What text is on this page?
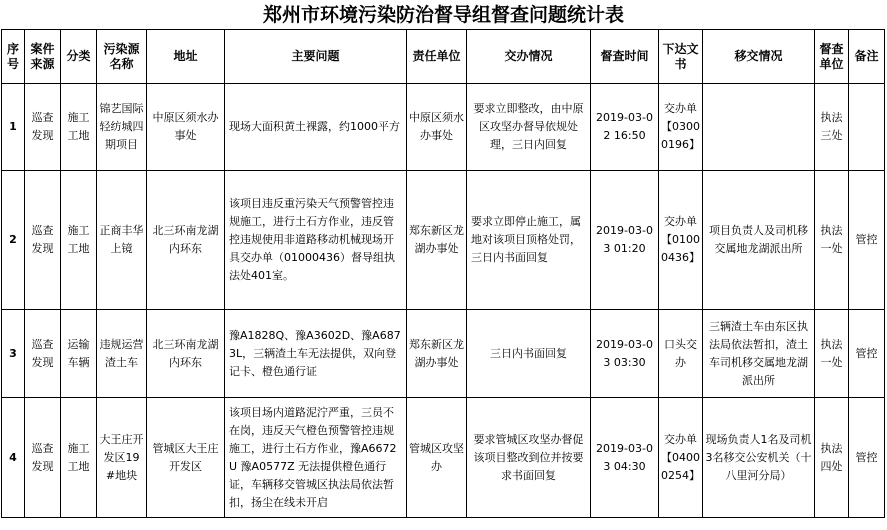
郑州市环境污染防治督导组督查问题统计表
序号	案件来源	分类	污染源名称	地址	主要问题	责任单位	交办情况	督查时间	下达文书	移交情况	督查单位	备注
1	巡查发现	施工工地	锦艺国际轻纺城四期项目	中原区须水办事处	现场大面积黄土裸露，约1000平方	中原区须水办事处	要求立即整改，由中原区攻坚办督导依规处理，三日内回复	2019-03-02 16:50	交办单【03000196】		执法三处	
2	巡查发现	施工工地	正商丰华上镜	北三环南龙湖内环东	该项目违反重污染天气预警管控违规施工，进行土石方作业，违反管控违规使用非道路移动机械现场开具交办单（01000436）督导组执法处401室。	郑东新区龙湖办事处	要求立即停止施工，属地对该项目顶格处罚，三日内书面回复	2019-03-03 01:20	交办单【01000436】	项目负责人及司机移交属地龙湖派出所	执法一处	管控
3	巡查发现	运输车辆	违规运营渣土车	北三环南龙湖内环东	豫A1828Q、豫A3602D、豫A6873L，三辆渣土车无法提供，双向登记卡、橙色通行证	郑东新区龙湖办事处	三日内书面回复	2019-03-03 03:30	口头交办	三辆渣土车由东区执法局依法暂扣，渣土车司机移交属地龙湖派出所	执法一处	管控
4	巡查发现	施工工地	大王庄开发区19#地块	管城区大王庄开发区	该项目场内道路泥泞严重，三员不在岗，违反天气橙色预警管控违规施工，进行土石方作业，豫A6672U 豫A0577Z 无法提供橙色通行证，车辆移交管城区执法局依法暂扣，扬尘在线未开启	管城区攻坚办	要求管城区攻坚办督促该项目整改到位并按要求书面回复	2019-03-03 04:30	交办单【04000254】	现场负责人1名及司机3名移交公安机关（十八里河分局）	执法四处	管控
